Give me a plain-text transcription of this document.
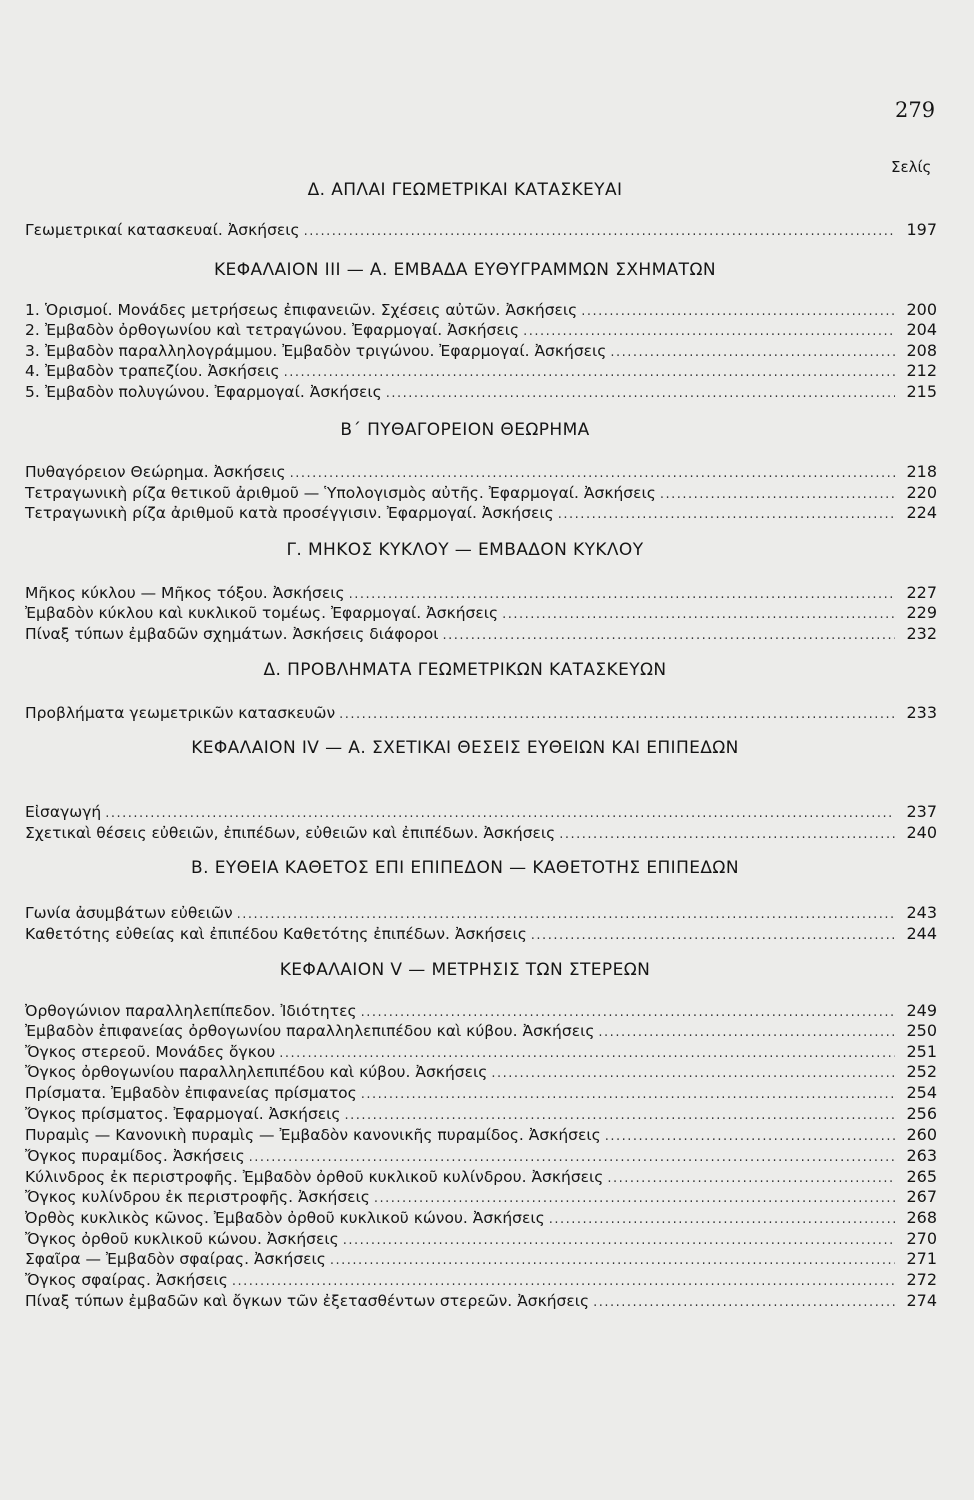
279
Σελίς
Δ. ΑΠΛΑΙ ΓΕΩΜΕΤΡΙΚΑΙ ΚΑΤΑΣΚΕΥΑΙ
Γεωμετρικαί κατασκευαί. Ἀσκήσεις .....	197
ΚΕΦΑΛΑΙΟΝ III — Α. ΕΜΒΑΔΑ ΕΥΘΥΓΡΑΜΜΩΝ ΣΧΗΜΑΤΩΝ
1. Ὁρισμοί. Μονάδες μετρήσεως ἐπιφανειῶν. Σχέσεις αὐτῶν. Ἀσκήσεις .....	200
2. Ἐμβαδὸν ὀρθογωνίου καὶ τετραγώνου. Ἐφαρμογαί. Ἀσκήσεις .....	204
3. Ἐμβαδὸν παραλληλογράμμου. Ἐμβαδὸν τριγώνου. Ἐφαρμογαί. Ἀσκήσεις .....	208
4. Ἐμβαδὸν τραπεζίου. Ἀσκήσεις .....	212
5. Ἐμβαδὸν πολυγώνου. Ἐφαρμογαί. Ἀσκήσεις .....	215
Β΄ ΠΥΘΑΓΟΡΕΙΟΝ ΘΕΩΡΗΜΑ
Πυθαγόρειον Θεώρημα. Ἀσκήσεις .....	218
Τετραγωνικὴ ρίζα θετικοῦ ἀριθμοῦ — Ὑπολογισμὸς αὐτῆς. Ἐφαρμογαί. Ἀσκήσεις .....	220
Τετραγωνικὴ ρίζα ἀριθμοῦ κατὰ προσέγγισιν. Ἐφαρμογαί. Ἀσκήσεις .....	224
Γ. ΜΗΚΟΣ ΚΥΚΛΟΥ — ΕΜΒΑΔΟΝ ΚΥΚΛΟΥ
Μῆκος κύκλου — Μῆκος τόξου. Ἀσκήσεις .....	227
Ἐμβαδὸν κύκλου καὶ κυκλικοῦ τομέως. Ἐφαρμογαί. Ἀσκήσεις .....	229
Πίναξ τύπων ἐμβαδῶν σχημάτων. Ἀσκήσεις διάφοροι .....	232
Δ. ΠΡΟΒΛΗΜΑΤΑ ΓΕΩΜΕΤΡΙΚΩΝ ΚΑΤΑΣΚΕΥΩΝ
Προβλήματα γεωμετρικῶν κατασκευῶν .....	233
ΚΕΦΑΛΑΙΟΝ IV — Α. ΣΧΕΤΙΚΑΙ ΘΕΣΕΙΣ ΕΥΘΕΙΩΝ ΚΑΙ ΕΠΙΠΕΔΩΝ
Εἰσαγωγή .....	237
Σχετικαὶ θέσεις εὐθειῶν, ἐπιπέδων, εὐθειῶν καὶ ἐπιπέδων. Ἀσκήσεις .....	240
Β. ΕΥΘΕΙΑ ΚΑΘΕΤΟΣ ΕΠΙ ΕΠΙΠΕΔΟΝ — ΚΑΘΕΤΟΤΗΣ ΕΠΙΠΕΔΩΝ
Γωνία ἀσυμβάτων εὐθειῶν .....	243
Καθετότης εὐθείας καὶ ἐπιπέδου Καθετότης ἐπιπέδων. Ἀσκήσεις .....	244
ΚΕΦΑΛΑΙΟΝ V — ΜΕΤΡΗΣΙΣ ΤΩΝ ΣΤΕΡΕΩΝ
Ὀρθογώνιον παραλληλεπίπεδον. Ἰδιότητες .....	249
Ἐμβαδὸν ἐπιφανείας ὀρθογωνίου παραλληλεπιπέδου καὶ κύβου. Ἀσκήσεις .....	250
Ὄγκος στερεοῦ. Μονάδες ὄγκου .....	251
Ὄγκος ὀρθογωνίου παραλληλεπιπέδου καὶ κύβου. Ἀσκήσεις .....	252
Πρίσματα. Ἐμβαδὸν ἐπιφανείας πρίσματος .....	254
Ὄγκος πρίσματος. Ἐφαρμογαί. Ἀσκήσεις .....	256
Πυραμὶς — Κανονικὴ πυραμὶς — Ἐμβαδὸν κανονικῆς πυραμίδος. Ἀσκήσεις .....	260
Ὄγκος πυραμίδος. Ἀσκήσεις .....	263
Κύλινδρος ἐκ περιστροφῆς. Ἐμβαδὸν ὀρθοῦ κυκλικοῦ κυλίνδρου. Ἀσκήσεις .....	265
Ὄγκος κυλίνδρου ἐκ περιστροφῆς. Ἀσκήσεις .....	267
Ὀρθὸς κυκλικὸς κῶνος. Ἐμβαδὸν ὀρθοῦ κυκλικοῦ κώνου. Ἀσκήσεις .....	268
Ὄγκος ὀρθοῦ κυκλικοῦ κώνου. Ἀσκήσεις .....	270
Σφαῖρα — Ἐμβαδὸν σφαίρας. Ἀσκήσεις .....	271
Ὄγκος σφαίρας. Ἀσκήσεις .....	272
Πίναξ τύπων ἐμβαδῶν καὶ ὄγκων τῶν ἐξετασθέντων στερεῶν. Ἀσκήσεις .....	274
